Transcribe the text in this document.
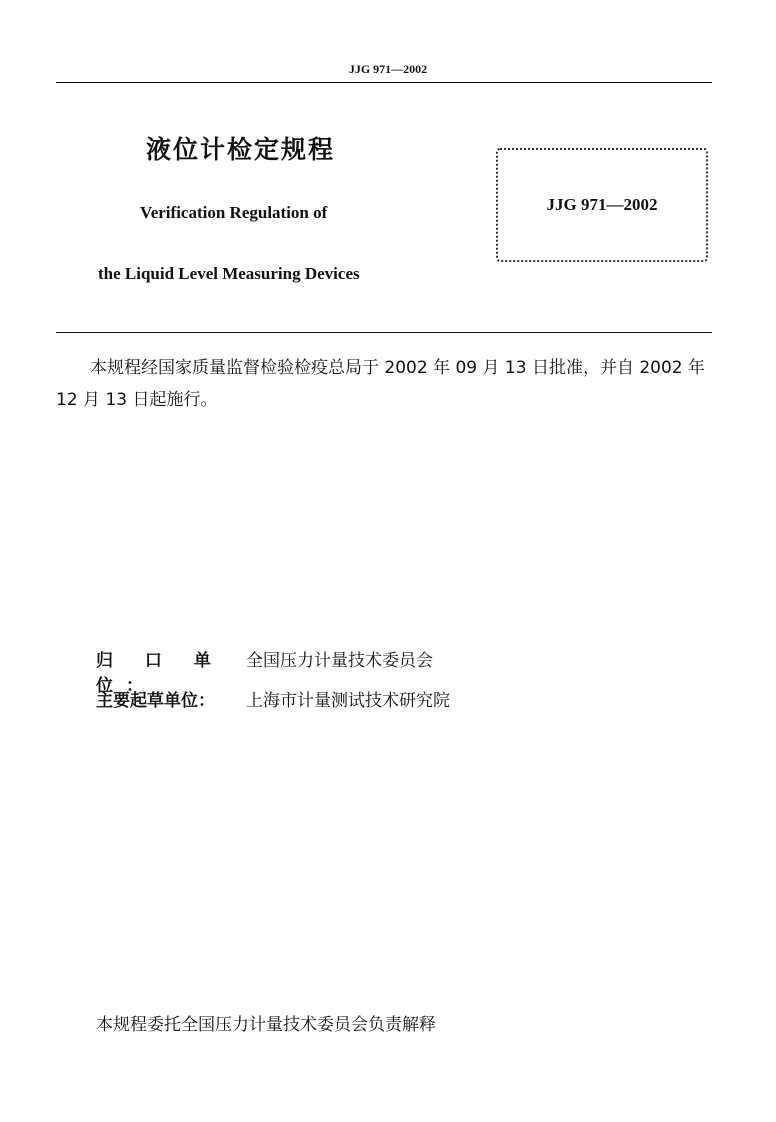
JJG 971—2002
液位计检定规程
Verification Regulation of
the Liquid Level Measuring Devices
JJG 971—2002
本规程经国家质量监督检验检疫总局于 2002 年 09 月 13 日批准，并自 2002 年 12 月 13 日起施行。
归 口 单 位：
全国压力计量技术委员会
主要起草单位：	上海市计量测试技术研究院
本规程委托全国压力计量技术委员会负责解释
